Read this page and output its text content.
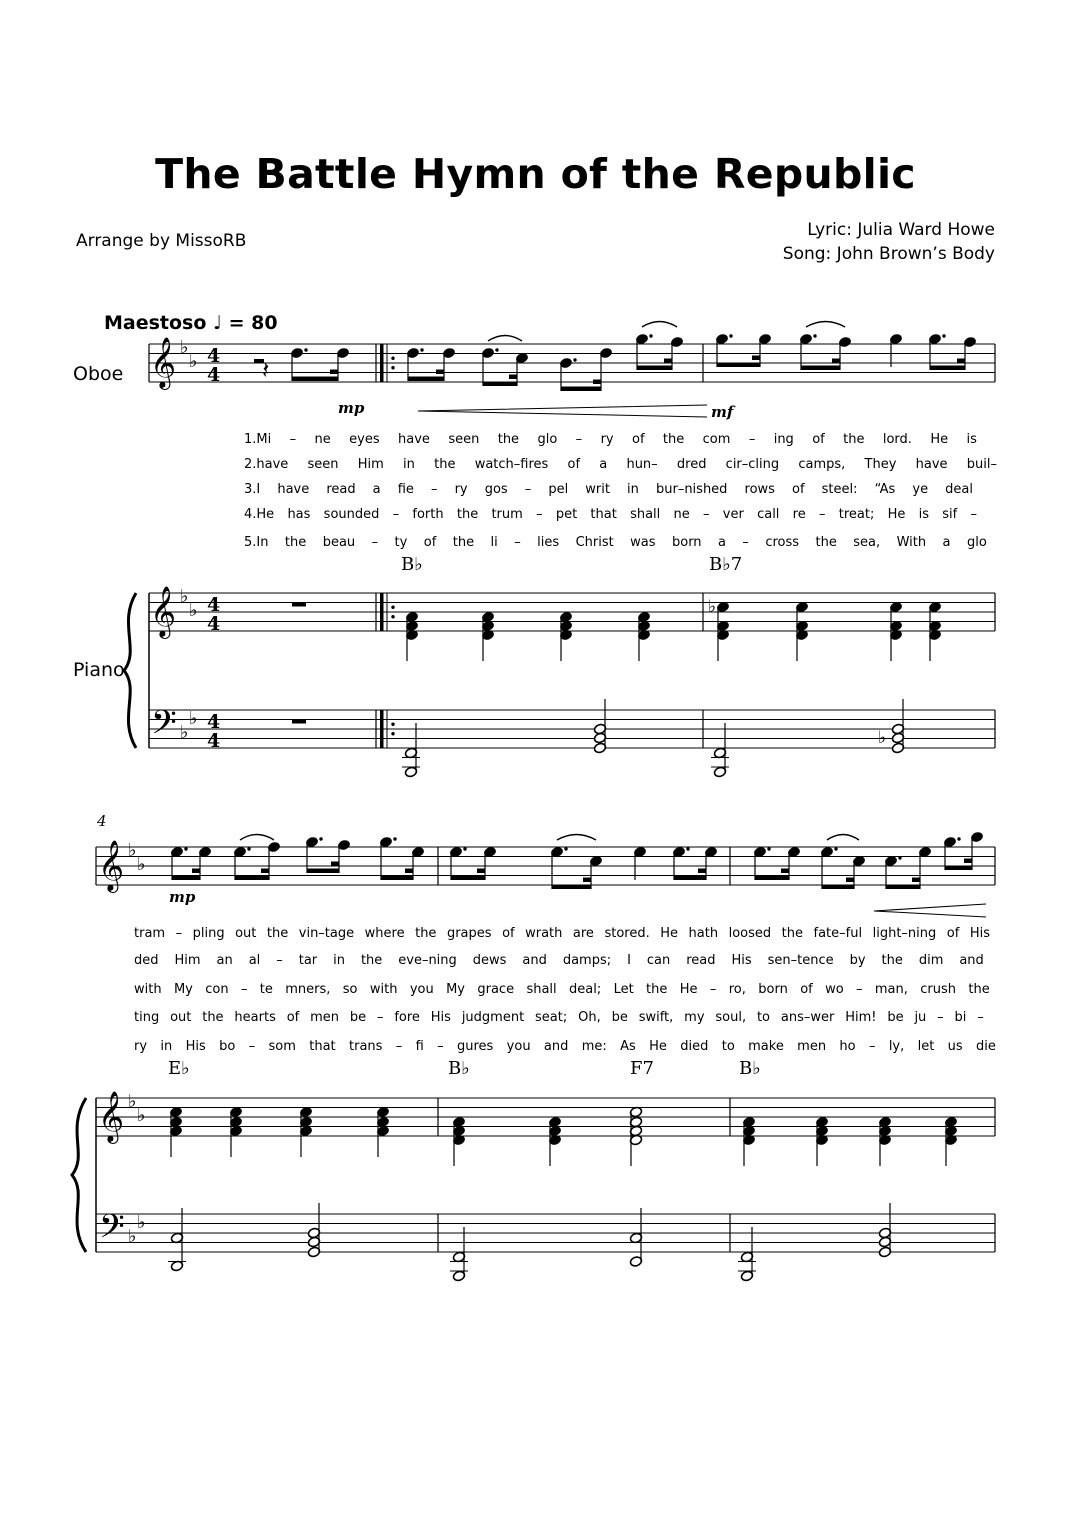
The Battle Hymn of the Republic
Arrange by MissoRB
Lyric: Julia Ward Howe
Song: John Brown’s Body
Maestoso ♩ = 80
Oboe
Piano
4
mp	mf
mp
B♭	B♭7
E♭	B♭	F7	B♭
1.Mi – ne eyes have seen the glo – ry of the com – ing of the lord. He is
2.have seen Him in the watch–fires of a hun– dred cir–cling camps, They have buil–
3.I have read a fie – ry gos – pel writ in bur–nished rows of steel: “As ye deal
4.He has sounded – forth the trum – pet that shall ne – ver call re – treat; He is sif –
5.In the beau – ty of the li – lies Christ was born a – cross the sea, With a glo
tram – pling out the vin–tage where the grapes of wrath are stored. He hath loosed the fate–ful light–ning of His
ded Him an al – tar in the eve–ning dews and damps; I can read His sen–tence by the dim and
with My con – te mners, so with you My grace shall deal; Let the He – ro, born of wo – man, crush the
ting out the hearts of men be – fore His judgment seat; Oh, be swift, my soul, to ans–wer Him! be ju – bi –
ry in His bo – som that trans – fi – gures you and me: As He died to make men ho – ly, let us die
𝄞
𝄞
𝄢
♭
♭
♭
♭
♭
♭
𝄞
𝄞
𝄢
♭
♭
♭
♭
♭
♭
4
4
4
4
4
4
𝄽
♭
♭
